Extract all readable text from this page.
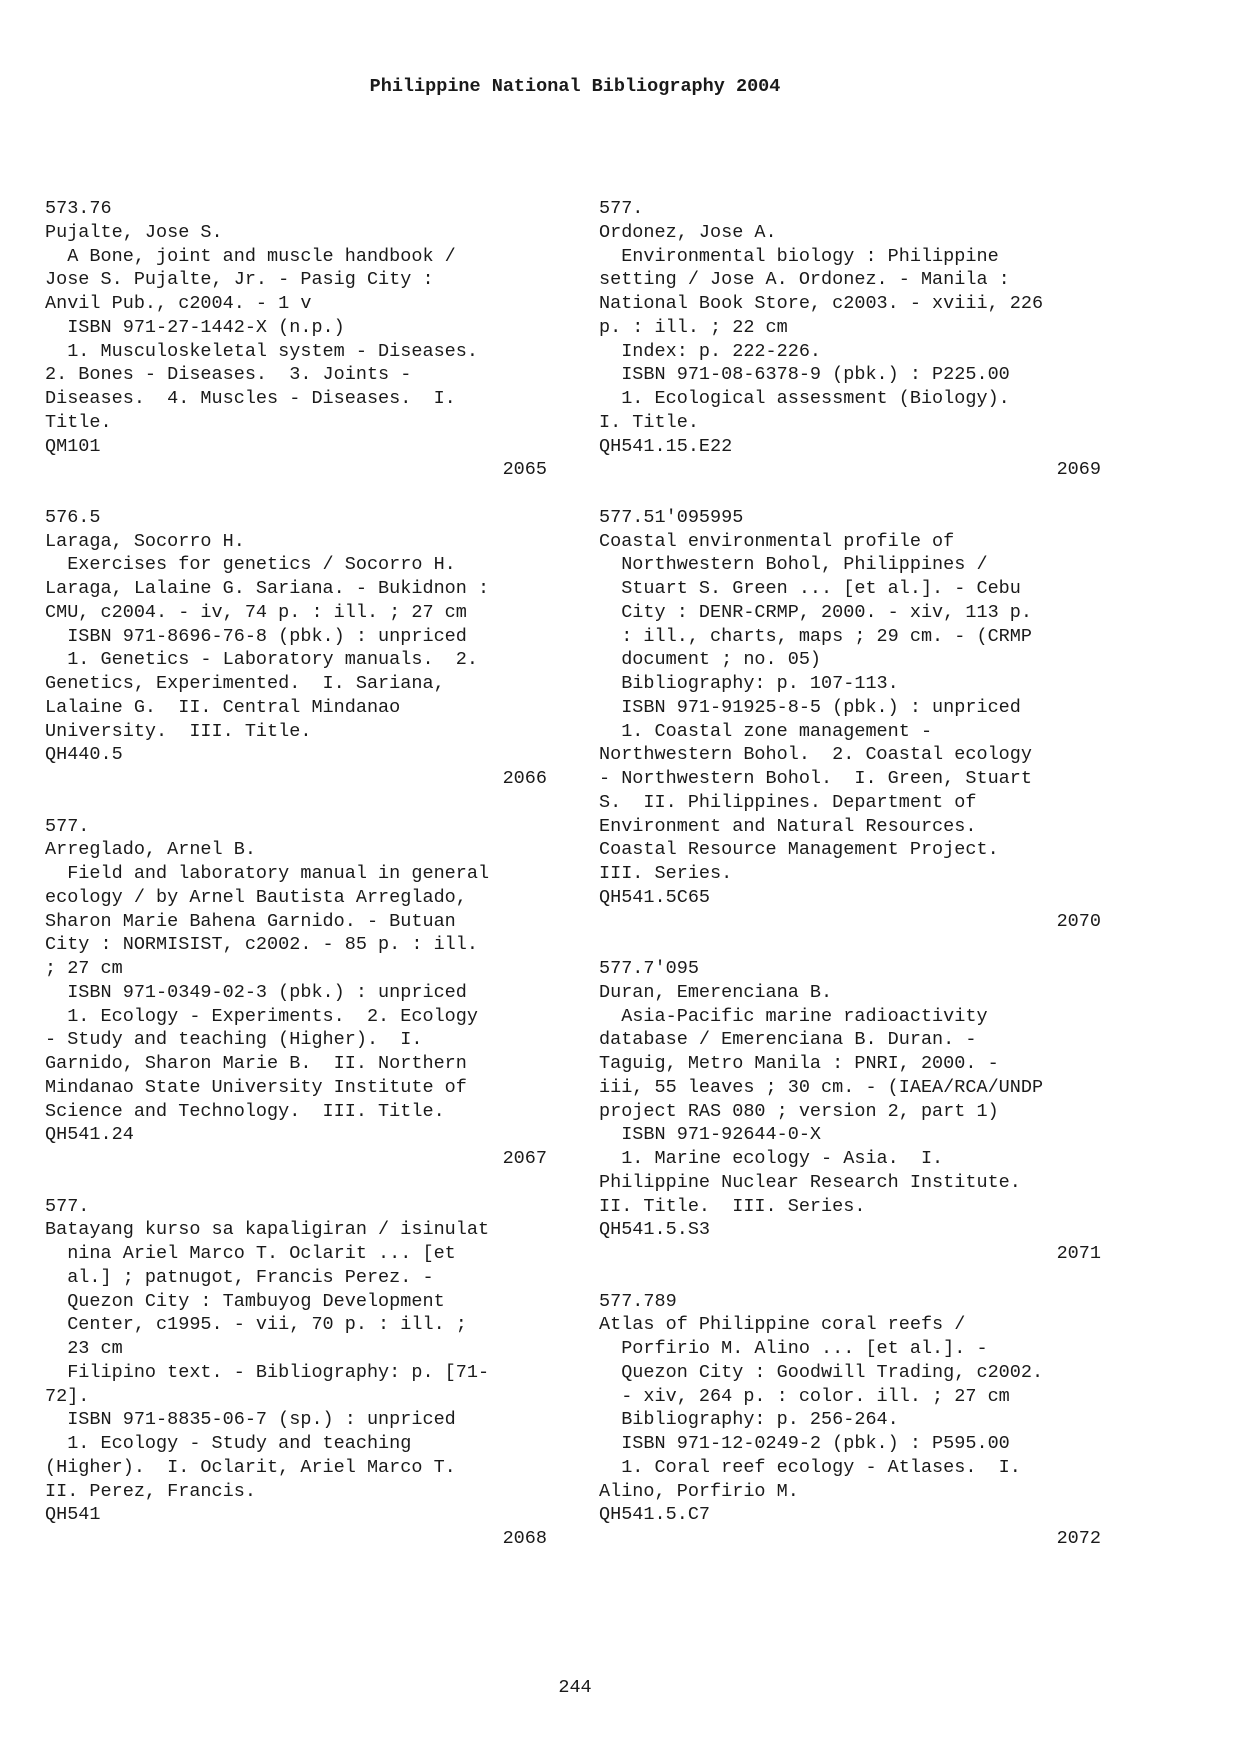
Philippine National Bibliography 2004
573.76
Pujalte, Jose S.
A Bone, joint and muscle handbook /
Jose S. Pujalte, Jr. - Pasig City :
Anvil Pub., c2004. - 1 v
ISBN 971-27-1442-X (n.p.)
1. Musculoskeletal system - Diseases.
2. Bones - Diseases.  3. Joints -
Diseases.  4. Muscles - Diseases.  I.
Title.
QM101
2065
576.5
Laraga, Socorro H.
Exercises for genetics / Socorro H.
Laraga, Lalaine G. Sariana. - Bukidnon :
CMU, c2004. - iv, 74 p. : ill. ; 27 cm
ISBN 971-8696-76-8 (pbk.) : unpriced
1. Genetics - Laboratory manuals.  2.
Genetics, Experimented.  I. Sariana,
Lalaine G.  II. Central Mindanao
University.  III. Title.
QH440.5
2066
577.
Arreglado, Arnel B.
Field and laboratory manual in general
ecology / by Arnel Bautista Arreglado,
Sharon Marie Bahena Garnido. - Butuan
City : NORMISIST, c2002. - 85 p. : ill.
; 27 cm
ISBN 971-0349-02-3 (pbk.) : unpriced
1. Ecology - Experiments.  2. Ecology
- Study and teaching (Higher).  I.
Garnido, Sharon Marie B.  II. Northern
Mindanao State University Institute of
Science and Technology.  III. Title.
QH541.24
2067
577.
Batayang kurso sa kapaligiran / isinulat
nina Ariel Marco T. Oclarit ... [et
al.] ; patnugot, Francis Perez. -
Quezon City : Tambuyog Development
Center, c1995. - vii, 70 p. : ill. ;
23 cm
Filipino text. - Bibliography: p. [71-
72].
ISBN 971-8835-06-7 (sp.) : unpriced
1. Ecology - Study and teaching
(Higher).  I. Oclarit, Ariel Marco T.
II. Perez, Francis.
QH541
2068
577.
Ordonez, Jose A.
Environmental biology : Philippine
setting / Jose A. Ordonez. - Manila :
National Book Store, c2003. - xviii, 226
p. : ill. ; 22 cm
Index: p. 222-226.
ISBN 971-08-6378-9 (pbk.) : P225.00
1. Ecological assessment (Biology).
I. Title.
QH541.15.E22
2069
577.51'095995
Coastal environmental profile of
Northwestern Bohol, Philippines /
Stuart S. Green ... [et al.]. - Cebu
City : DENR-CRMP, 2000. - xiv, 113 p.
: ill., charts, maps ; 29 cm. - (CRMP
document ; no. 05)
Bibliography: p. 107-113.
ISBN 971-91925-8-5 (pbk.) : unpriced
1. Coastal zone management -
Northwestern Bohol.  2. Coastal ecology
- Northwestern Bohol.  I. Green, Stuart
S.  II. Philippines. Department of
Environment and Natural Resources.
Coastal Resource Management Project.
III. Series.
QH541.5C65
2070
577.7'095
Duran, Emerenciana B.
Asia-Pacific marine radioactivity
database / Emerenciana B. Duran. -
Taguig, Metro Manila : PNRI, 2000. -
iii, 55 leaves ; 30 cm. - (IAEA/RCA/UNDP
project RAS 080 ; version 2, part 1)
ISBN 971-92644-0-X
1. Marine ecology - Asia.  I.
Philippine Nuclear Research Institute.
II. Title.  III. Series.
QH541.5.S3
2071
577.789
Atlas of Philippine coral reefs /
Porfirio M. Alino ... [et al.]. -
Quezon City : Goodwill Trading, c2002.
- xiv, 264 p. : color. ill. ; 27 cm
Bibliography: p. 256-264.
ISBN 971-12-0249-2 (pbk.) : P595.00
1. Coral reef ecology - Atlases.  I.
Alino, Porfirio M.
QH541.5.C7
2072
244
